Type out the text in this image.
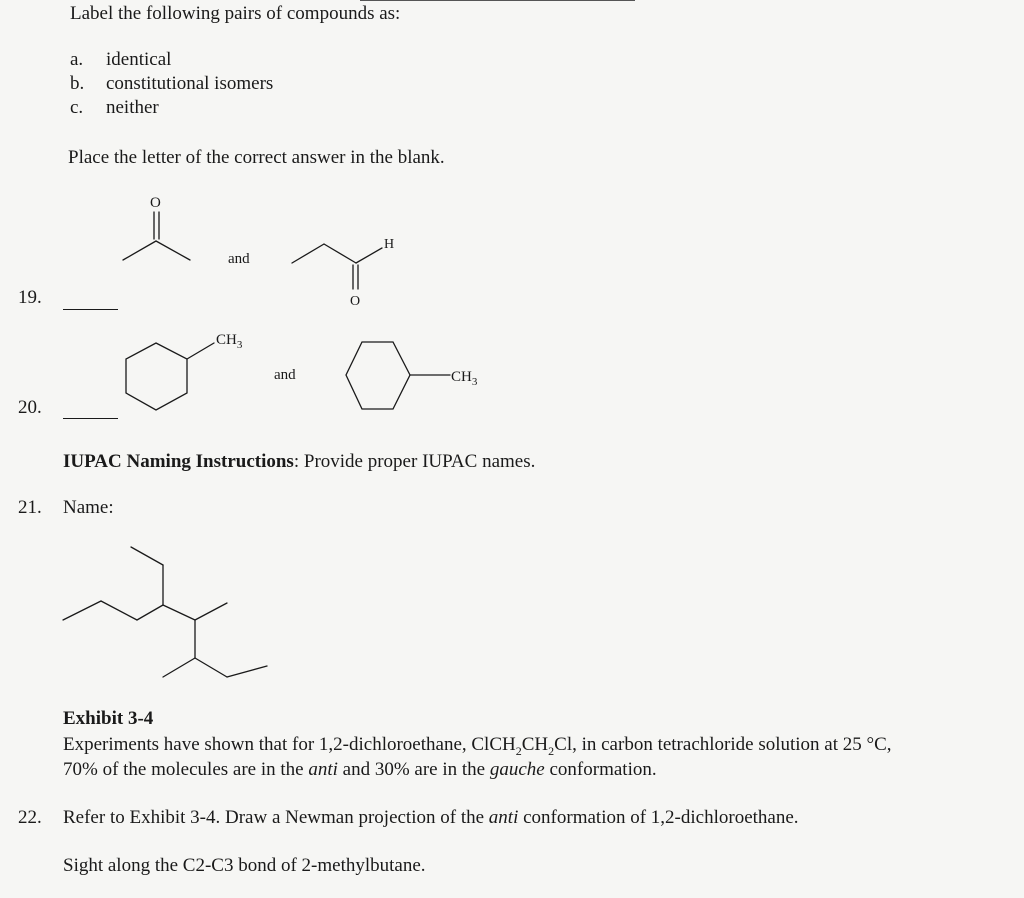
Label the following pairs of compounds as:
a. identical
b. constitutional isomers
c. neither
Place the letter of the correct answer in the blank.
19.
O
and
H
O
20.
$CH_3$
and	$CH_3$
IUPAC Naming Instructions: Provide proper IUPAC names.
21. Name:
Exhibit 3-4
Experiments have shown that for 1,2-dichloroethane, $ClCH_2CH_2Cl$, in carbon tetrachloride solution at 25 °C,
70% of the molecules are in the anti and 30% are in the gauche conformation.
22. Refer to Exhibit 3-4. Draw a Newman projection of the anti conformation of 1,2-dichloroethane.
Sight along the C2-C3 bond of 2-methylbutane.
